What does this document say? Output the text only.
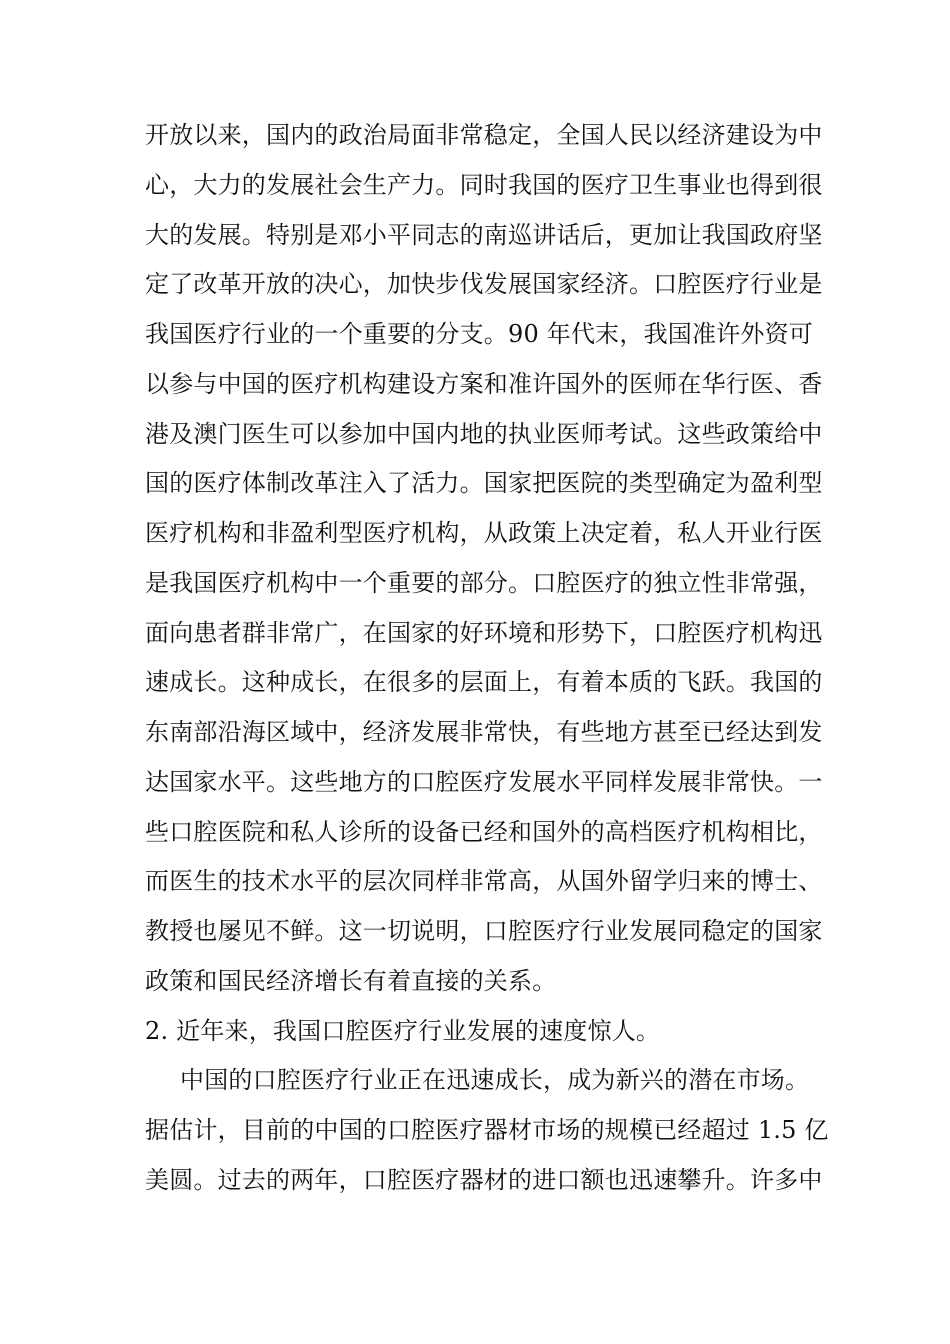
开放以来，国内的政治局面非常稳定，全国人民以经济建设为中
心，大力的发展社会生产力。同时我国的医疗卫生事业也得到很
大的发展。特别是邓小平同志的南巡讲话后，更加让我国政府坚
定了改革开放的决心，加快步伐发展国家经济。口腔医疗行业是
我国医疗行业的一个重要的分支。90 年代末，我国准许外资可
以参与中国的医疗机构建设方案和准许国外的医师在华行医、香
港及澳门医生可以参加中国内地的执业医师考试。这些政策给中
国的医疗体制改革注入了活力。国家把医院的类型确定为盈利型
医疗机构和非盈利型医疗机构，从政策上决定着，私人开业行医
是我国医疗机构中一个重要的部分。口腔医疗的独立性非常强，
面向患者群非常广，在国家的好环境和形势下，口腔医疗机构迅
速成长。这种成长，在很多的层面上，有着本质的飞跃。我国的
东南部沿海区域中，经济发展非常快，有些地方甚至已经达到发
达国家水平。这些地方的口腔医疗发展水平同样发展非常快。一
些口腔医院和私人诊所的设备已经和国外的高档医疗机构相比，
而医生的技术水平的层次同样非常高，从国外留学归来的博士、
教授也屡见不鲜。这一切说明，口腔医疗行业发展同稳定的国家
政策和国民经济增长有着直接的关系。
2. 近年来，我国口腔医疗行业发展的速度惊人。
中国的口腔医疗行业正在迅速成长，成为新兴的潜在市场。
据估计，目前的中国的口腔医疗器材市场的规模已经超过 1.5 亿
美圆。过去的两年，口腔医疗器材的进口额也迅速攀升。许多中
